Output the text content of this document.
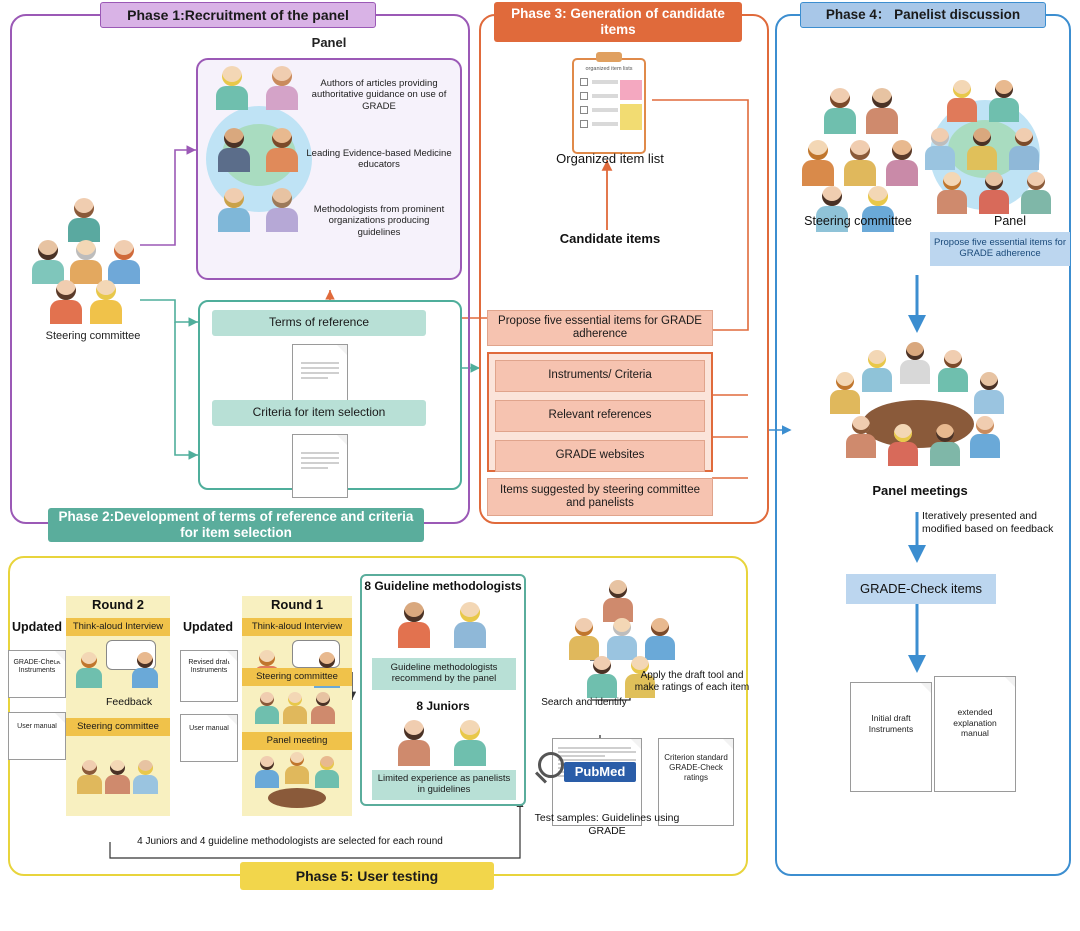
Phase 1:Recruitment of the panel
Panel
Authors of articles providing authoritative guidance on use of GRADE
Leading Evidence-based Medicine educators
Methodologists from prominent organizations producing guidelines
Steering committee
Terms of reference
Criteria for item selection
Phase 2:Development of terms of reference and criteria for item selection
Phase 3: Generation of candidate items
organized item lists
Organized item list
Candidate items
Propose five essential items for GRADE adherence
Instruments/ Criteria
Relevant references
GRADE websites
Items suggested by steering committee and panelists
Phase 4： Panelist discussion
Steering committee	Panel
Propose five essential items for GRADE adherence
Panel meetings
Iteratively presented and modified based on feedback
GRADE-Check items
Initial draft Instruments
extended explanation manual
Phase 5: User testing
Round 2
Think-aloud Interview
Updated
GRADE-Check Instruments
User manual
Feedback
Steering committee
Round 1
Think-aloud Interview
Updated
Revised draft Instruments
User manual
Steering committee
Panel meeting
8 Guideline methodologists
Guideline methodologists recommend by the panel
8 Juniors
Limited experience as panelists in guidelines
Search and identify
Apply the draft tool and make ratings of each item
PubMed
Criterion standard GRADE-Check ratings
Test samples: Guidelines using GRADE
4 Juniors and 4 guideline methodologists are selected for each round
